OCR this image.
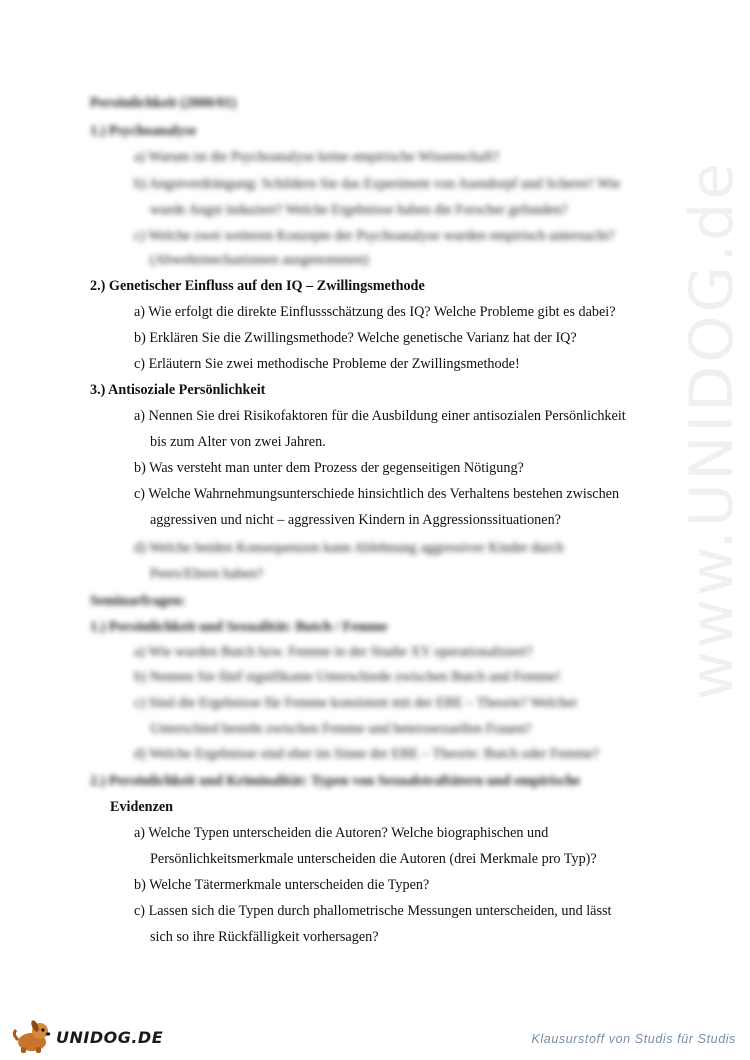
www.UNIDOG.de
Persönlichkeit (2000/01)
1.) Psychoanalyse
a) Warum ist die Psychoanalyse keine empirische Wissenschaft?
b) Angstverdrängung: Schildern Sie das Experiment von Asendorpf und Scherer! Wie
wurde Angst induziert? Welche Ergebnisse haben die Forscher gefunden?
c) Welche zwei weiteren Konzepte der Psychoanalyse wurden empirisch untersucht?
(Abwehrmechanismen ausgenommen)
2.) Genetischer Einfluss auf den IQ – Zwillingsmethode
a) Wie erfolgt die direkte Einflussschätzung des IQ? Welche Probleme gibt es dabei?
b) Erklären Sie die Zwillingsmethode? Welche genetische Varianz hat der IQ?
c) Erläutern Sie zwei methodische Probleme der Zwillingsmethode!
3.) Antisoziale Persönlichkeit
a) Nennen Sie drei Risikofaktoren für die Ausbildung einer antisozialen Persönlichkeit
bis zum Alter von zwei Jahren.
b) Was versteht man unter dem Prozess der gegenseitigen Nötigung?
c) Welche Wahrnehmungsunterschiede hinsichtlich des Verhaltens bestehen zwischen
aggressiven und nicht – aggressiven Kindern in Aggressionssituationen?
d) Welche beiden Konsequenzen kann Ablehnung aggressiver Kinder durch
Peers/Eltern haben?
Seminarfragen:
1.) Persönlichkeit und Sexualität: Butch / Femme
a) Wie wurden Butch bzw. Femme in der Studie XY operationalisiert?
b) Nennen Sie fünf signifikante Unterschiede zwischen Butch und Femme!
c) Sind die Ergebnisse für Femme konsistent mit der EBE – Theorie? Welcher
Unterschied besteht zwischen Femme und heterosexuellen Frauen?
d) Welche Ergebnisse sind eher im Sinne der EBE – Theorie: Butch oder Femme?
2.) Persönlichkeit und Kriminalität: Typen von Sexualstraftätern und empirische
Evidenzen
a) Welche Typen unterscheiden die Autoren? Welche biographischen und
Persönlichkeitsmerkmale unterscheiden die Autoren (drei Merkmale pro Typ)?
b) Welche Tätermerkmale unterscheiden die Typen?
c) Lassen sich die Typen durch phallometrische Messungen unterscheiden, und lässt
sich so ihre Rückfälligkeit vorhersagen?
UNIDOG.DE	Klausurstoff von Studis für Studis
